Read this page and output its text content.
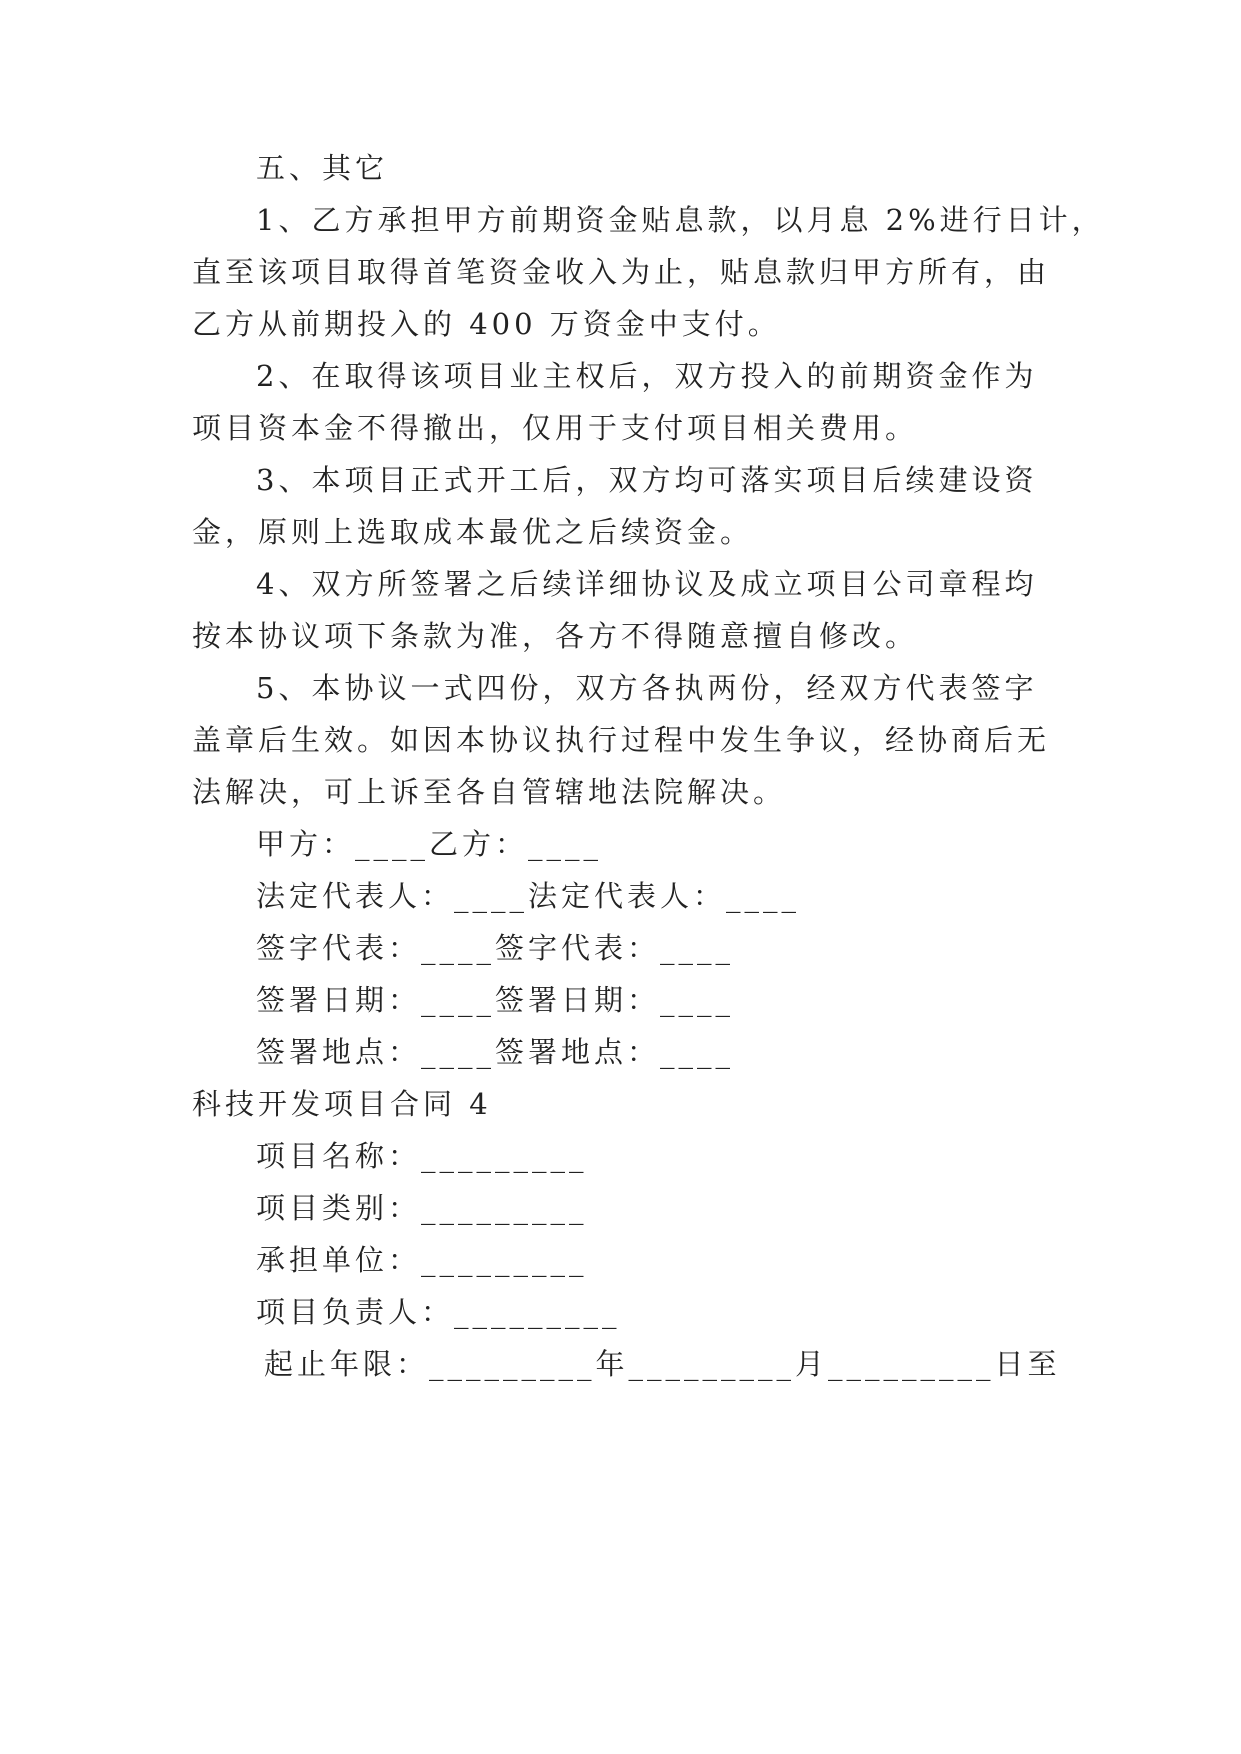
五、其它
1、乙方承担甲方前期资金贴息款，以月息 2%进行日计，
直至该项目取得首笔资金收入为止，贴息款归甲方所有，由
乙方从前期投入的 400 万资金中支付。
2、在取得该项目业主权后，双方投入的前期资金作为
项目资本金不得撤出，仅用于支付项目相关费用。
3、本项目正式开工后，双方均可落实项目后续建设资
金，原则上选取成本最优之后续资金。
4、双方所签署之后续详细协议及成立项目公司章程均
按本协议项下条款为准，各方不得随意擅自修改。
5、本协议一式四份，双方各执两份，经双方代表签字
盖章后生效。如因本协议执行过程中发生争议，经协商后无
法解决，可上诉至各自管辖地法院解决。
甲方：____乙方：____
法定代表人：____法定代表人：____
签字代表：____签字代表：____
签署日期：____签署日期：____
签署地点：____签署地点：____
科技开发项目合同 4
项目名称：_________
项目类别：_________
承担单位：_________
项目负责人：_________
起止年限：_________年_________月_________日至
